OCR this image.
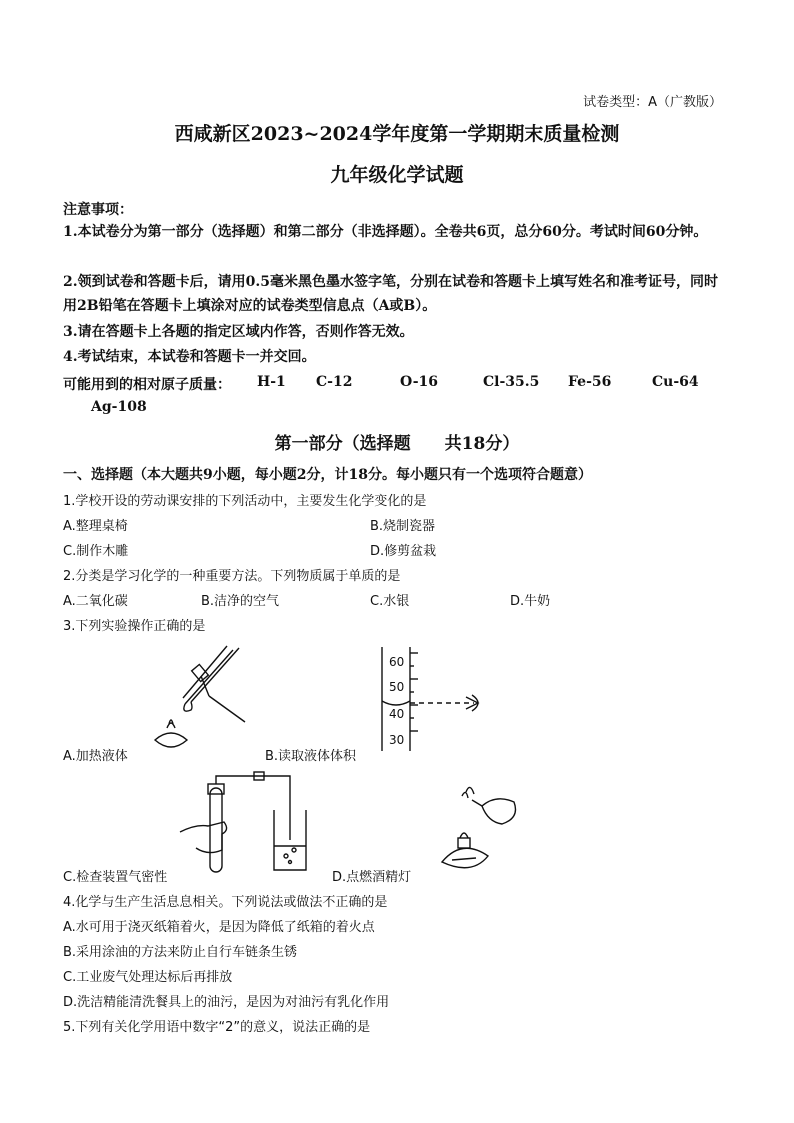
试卷类型：A（广教版）
西咸新区2023~2024学年度第一学期期末质量检测
九年级化学试题
注意事项：
1.本试卷分为第一部分（选择题）和第二部分（非选择题）。全卷共6页，总分60分。考试时间60分钟。
2.领到试卷和答题卡后，请用0.5毫米黑色墨水签字笔，分别在试卷和答题卡上填写姓名和准考证号，同时用2B铅笔在答题卡上填涂对应的试卷类型信息点（A或B）。
3.请在答题卡上各题的指定区域内作答，否则作答无效。
4.考试结束，本试卷和答题卡一并交回。
可能用到的相对原子质量： H-1 C-12	O-16	Cl-35.5 Fe-56	Cu-64
Ag-108
第一部分（选择题　　共18分）
一、选择题（本大题共9小题，每小题2分，计18分。每小题只有一个选项符合题意）
1.学校开设的劳动课安排的下列活动中，主要发生化学变化的是
A.整理桌椅	B.烧制瓷器
C.制作木雕	D.修剪盆栽
2.分类是学习化学的一种重要方法。下列物质属于单质的是
A.二氧化碳	B.洁净的空气	C.水银	D.牛奶
3.下列实验操作正确的是
A.加热液体
60
50
40
30
B.读取液体体积
C.检查装置气密性	D.点燃酒精灯
4.化学与生产生活息息相关。下列说法或做法不正确的是
A.水可用于浇灭纸箱着火，是因为降低了纸箱的着火点
B.采用涂油的方法来防止自行车链条生锈
C.工业废气处理达标后再排放
D.洗洁精能清洗餐具上的油污，是因为对油污有乳化作用
5.下列有关化学用语中数字“2”的意义，说法正确的是
